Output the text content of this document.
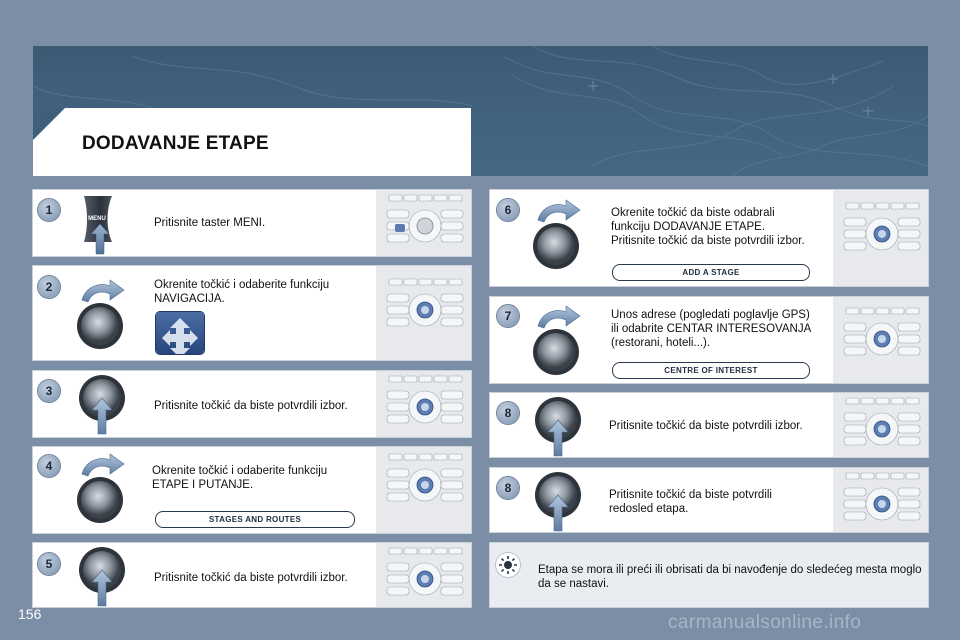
DODAVANJE ETAPE
1
MENU	Pritisnite taster MENI.
2	Okrenite točkić i odaberite funkciju
NAVIGACIJA.
3
Pritisnite točkić da biste potvrdili izbor.
4	Okrenite točkić i odaberite funkciju
ETAPE I PUTANJE.
STAGES AND ROUTES
5
Pritisnite točkić da biste potvrdili izbor.
6	Okrenite točkić da biste odabrali
funkciju DODAVANJE ETAPE.
Pritisnite točkić da biste potvrdili izbor.
ADD A STAGE
7	Unos adrese (pogledati poglavlje GPS)
ili odabrite CENTAR INTERESOVANJA
(restorani, hoteli...).
CENTRE OF INTEREST
8
Pritisnite točkić da biste potvrdili izbor.
8	Pritisnite točkić da biste potvrdili
redosled etapa.
Etapa se mora ili preći ili obrisati da bi navođenje do sledećeg mesta moglo da se nastavi.
156	carmanualsonline.info
